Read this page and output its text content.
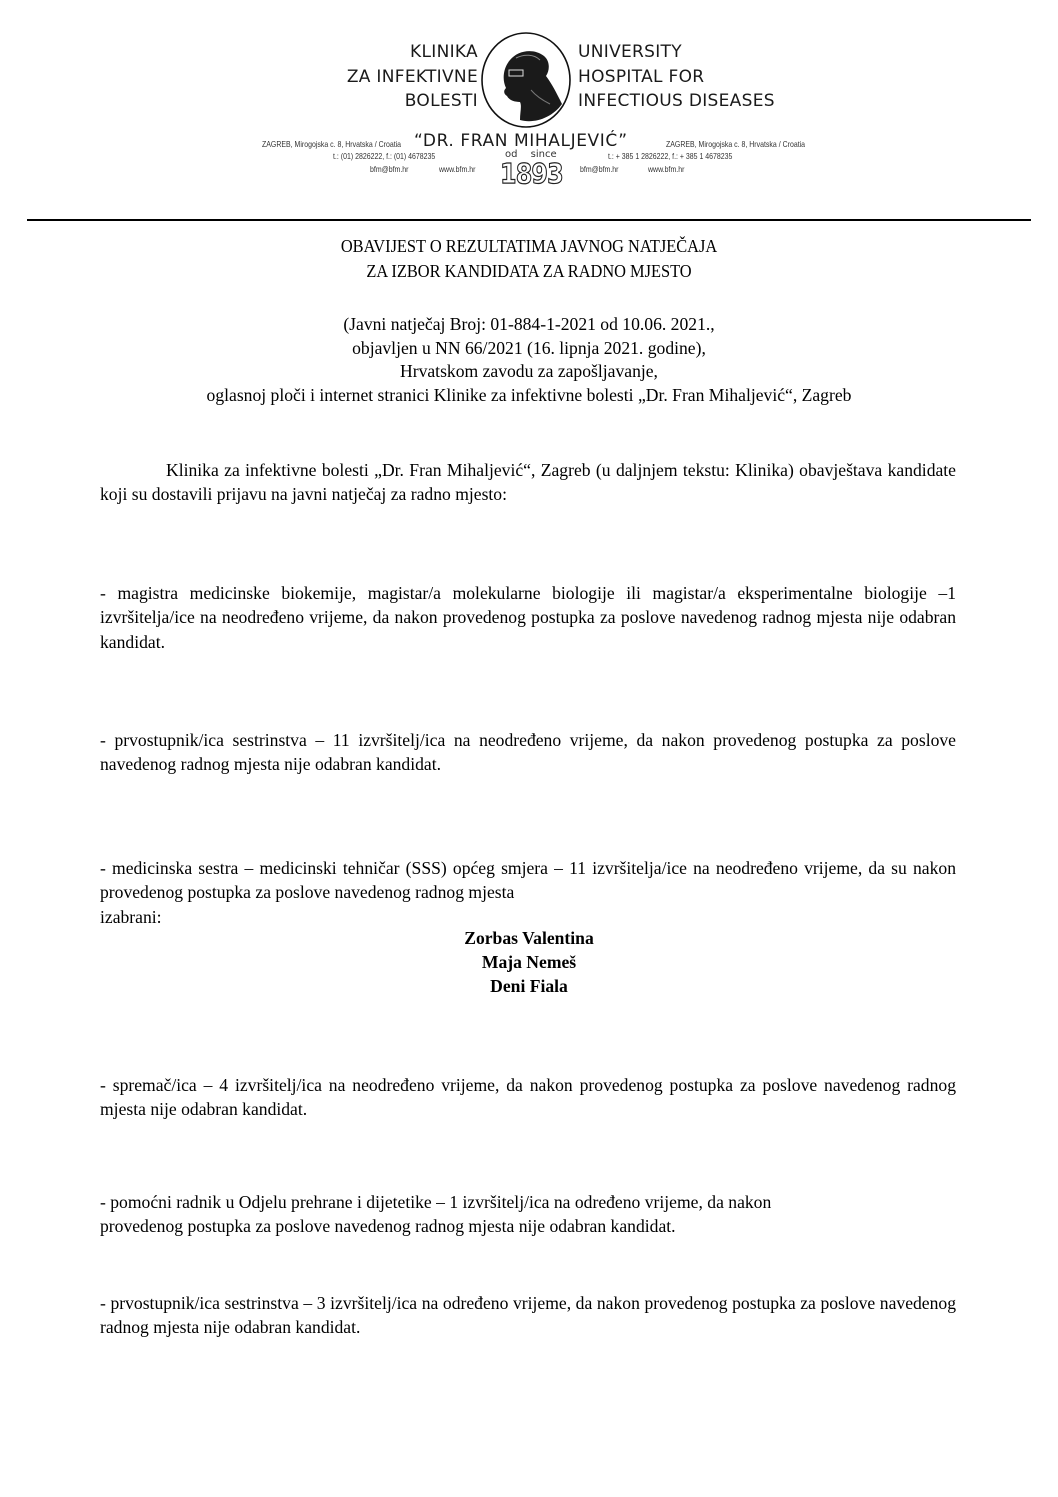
KLINIKA
ZA INFEKTIVNE
BOLESTI
UNIVERSITY
HOSPITAL FOR
INFECTIOUS DISEASES
“DR. FRAN MIHALJEVIĆ”
ZAGREB, Mirogojska c. 8, Hrvatska / Croatia
t.: (01) 2826222, f.: (01) 4678235
bfm@bfm.hr	www.bfm.hr
od since
1893
ZAGREB, Mirogojska c. 8, Hrvatska / Croatia
t.: + 385 1 2826222, f.: + 385 1 4678235
bfm@bfm.hr	www.bfm.hr
OBAVIJEST O REZULTATIMA JAVNOG NATJEČAJA
ZA IZBOR KANDIDATA ZA RADNO MJESTO
(Javni natječaj Broj: 01-884-1-2021 od 10.06. 2021.,
objavljen u NN 66/2021 (16. lipnja 2021. godine),
Hrvatskom zavodu za zapošljavanje,
oglasnoj ploči i internet stranici Klinike za infektivne bolesti „Dr. Fran Mihaljević“, Zagreb
Klinika za infektivne bolesti „Dr. Fran Mihaljević“, Zagreb (u daljnjem tekstu: Klinika) obavještava kandidate koji su dostavili prijavu na javni natječaj za radno mjesto:
- magistra medicinske biokemije, magistar/a molekularne biologije ili magistar/a eksperimentalne biologije –1 izvršitelja/ice na neodređeno vrijeme, da nakon provedenog postupka za poslove navedenog radnog mjesta nije odabran kandidat.
- prvostupnik/ica sestrinstva – 11 izvršitelj/ica na neodređeno vrijeme, da nakon provedenog postupka za poslove navedenog radnog mjesta nije odabran kandidat.
- medicinska sestra – medicinski tehničar (SSS) općeg smjera – 11 izvršitelja/ice na neodređeno vrijeme, da su nakon provedenog postupka za poslove navedenog radnog mjesta
izabrani:
Zorbas Valentina
Maja Nemeš
Deni Fiala
- spremač/ica – 4 izvršitelj/ica na neodređeno vrijeme, da nakon provedenog postupka za poslove navedenog radnog mjesta nije odabran kandidat.
- pomoćni radnik u Odjelu prehrane i dijetetike – 1 izvršitelj/ica na određeno vrijeme, da nakon
provedenog postupka za poslove navedenog radnog mjesta nije odabran kandidat.
- prvostupnik/ica sestrinstva – 3 izvršitelj/ica na određeno vrijeme, da nakon provedenog postupka za poslove navedenog radnog mjesta nije odabran kandidat.
